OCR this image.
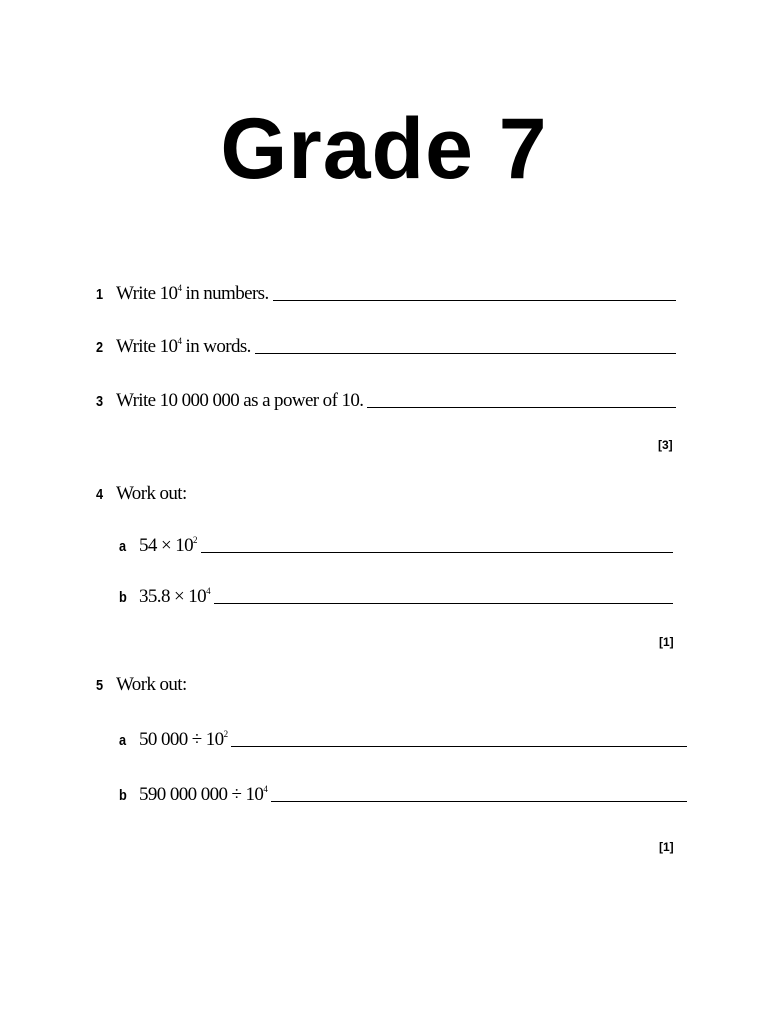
Grade 7
1 Write $10^4$ in numbers.
2 Write $10^4$ in words.
3 Write 10 000 000 as a power of 10.
[3]
4 Work out:
a $54 \times 10^2$
b $35.8 \times 10^4$
[1]
5 Work out:
a 50 $000 \div 10^2$
b 590 000 $000 \div 10^4$
[1]
